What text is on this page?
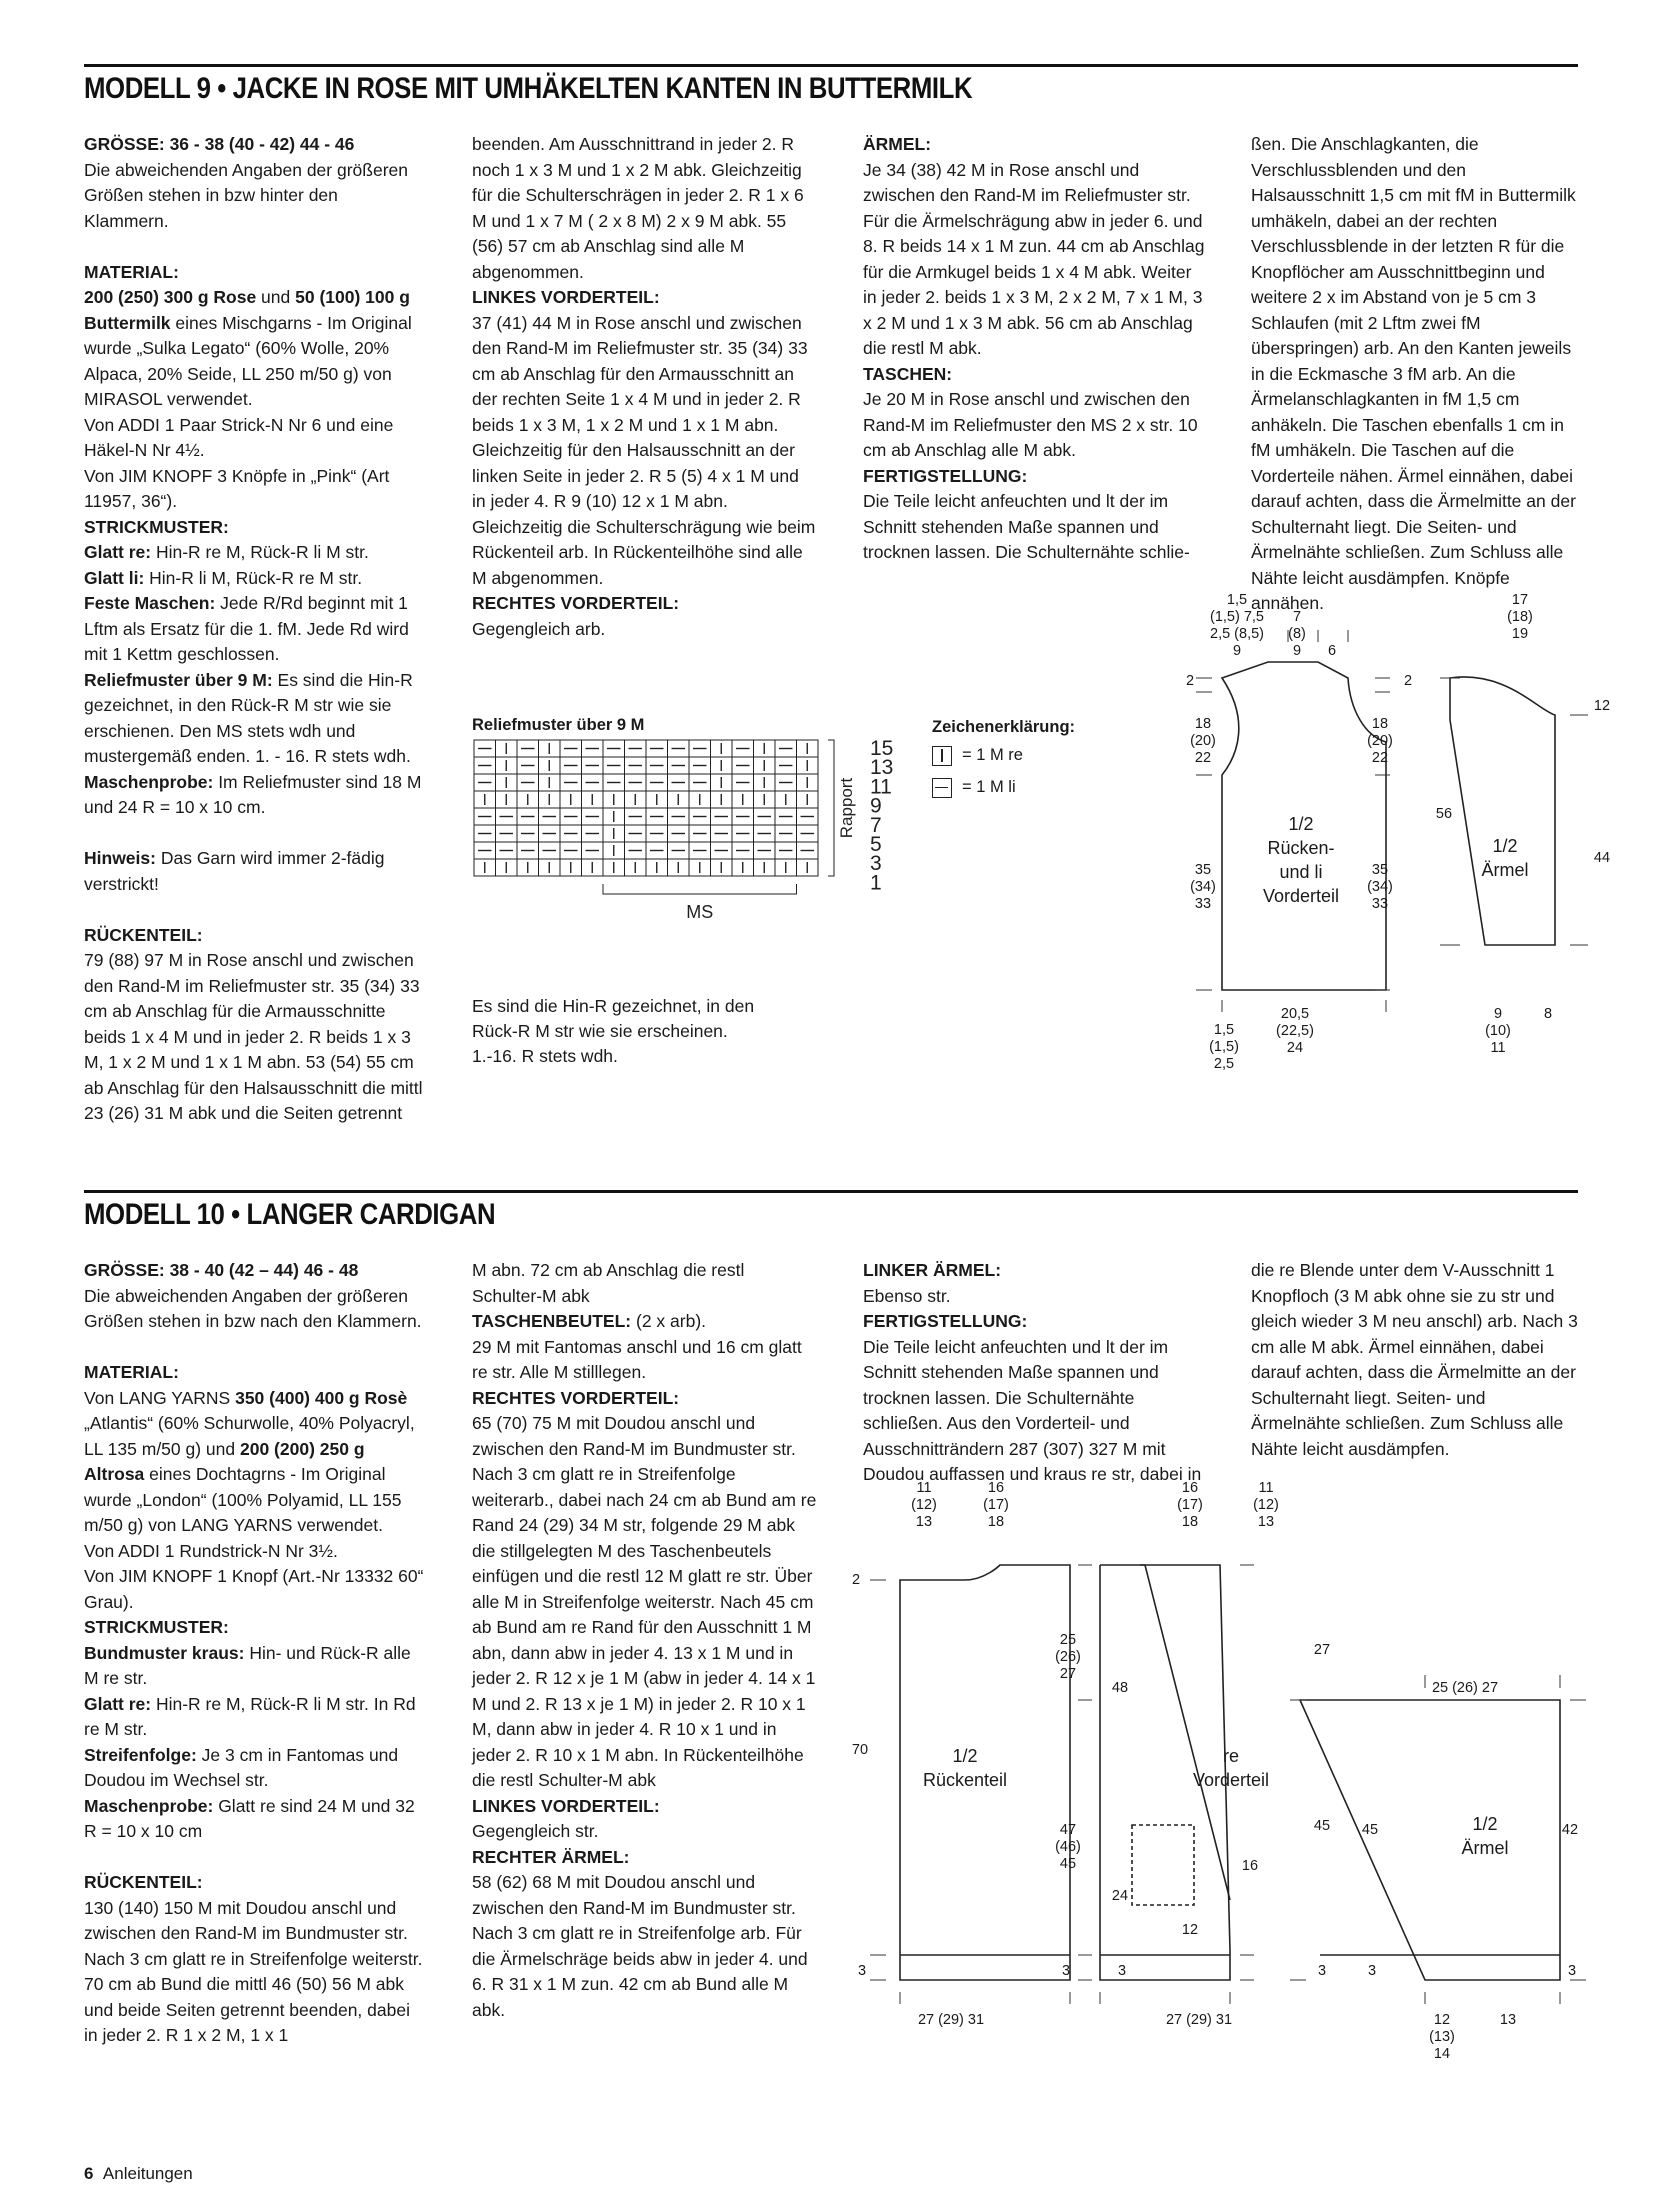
MODELL 9 • JACKE IN ROSE MIT UMHÄKELTEN KANTEN IN BUTTERMILK

GRÖSSE: 36 - 38 (40 - 42) 44 - 46

Die abweichenden Angaben der größeren Größen stehen in bzw hinter den Klammern.

MATERIAL:

200 (250) 300 g Rose und 50 (100) 100 g Buttermilk eines Mischgarns - Im Original wurde „Sulka Legato“ (60% Wolle, 20% Alpaca, 20% Seide, LL 250 m/50 g) von MIRASOL verwendet.

Von ADDI 1 Paar Strick-N Nr 6 und eine Häkel-N Nr 4½.

Von JIM KNOPF 3 Knöpfe in „Pink“ (Art 11957, 36“).

STRICKMUSTER:

Glatt re: Hin-R re M, Rück-R li M str.

Glatt li: Hin-R li M, Rück-R re M str.

Feste Maschen: Jede R/Rd beginnt mit 1 Lftm als Ersatz für die 1. fM. Jede Rd wird mit 1 Kettm geschlossen.

Reliefmuster über 9 M: Es sind die Hin-R gezeichnet, in den Rück-R M str wie sie erschienen. Den MS stets wdh und mustergemäß enden. 1. - 16. R stets wdh.

Maschenprobe: Im Reliefmuster sind 18 M und 24 R = 10 x 10 cm.

Hinweis: Das Garn wird immer 2-fädig verstrickt!

RÜCKENTEIL:

79 (88) 97 M in Rose anschl und zwischen den Rand-M im Reliefmuster str. 35 (34) 33 cm ab Anschlag für die Armausschnitte beids 1 x 4 M und in jeder 2. R beids 1 x 3 M, 1 x 2 M und 1 x 1 M abn. 53 (54) 55 cm ab Anschlag für den Halsausschnitt die mittl 23 (26) 31 M abk und die Seiten getrennt

beenden. Am Ausschnittrand in jeder 2. R noch 1 x 3 M und 1 x 2 M abk. Gleichzeitig für die Schulterschrägen in jeder 2. R 1 x 6 M und 1 x 7 M ( 2 x 8 M) 2 x 9 M abk. 55 (56) 57 cm ab Anschlag sind alle M abgenommen.

LINKES VORDERTEIL:

37 (41) 44 M in Rose anschl und zwischen den Rand-M im Reliefmuster str. 35 (34) 33 cm ab Anschlag für den Armausschnitt an der rechten Seite 1 x 4 M und in jeder 2. R beids 1 x 3 M, 1 x 2 M und 1 x 1 M abn. Gleichzeitig für den Halsausschnitt an der linken Seite in jeder 2. R 5 (5) 4 x 1 M und in jeder 4. R 9 (10) 12 x 1 M abn. Gleichzeitig die Schulterschrägung wie beim Rückenteil arb. In Rückenteilhöhe sind alle M abgenommen.

RECHTES VORDERTEIL:

Gegengleich arb.

ÄRMEL:

Je 34 (38) 42 M in Rose anschl und zwischen den Rand-M im Reliefmuster str. Für die Ärmelschrägung abw in jeder 6. und 8. R beids 14 x 1 M zun. 44 cm ab Anschlag für die Armkugel beids 1 x 4 M abk. Weiter in jeder 2. beids 1 x 3 M, 2 x 2 M, 7 x 1 M, 3 x 2 M und 1 x 3 M abk. 56 cm ab Anschlag die restl M abk.

TASCHEN:

Je 20 M in Rose anschl und zwischen den Rand-M im Reliefmuster den MS 2 x str. 10 cm ab Anschlag alle M abk.

FERTIGSTELLUNG:

Die Teile leicht anfeuchten und lt der im Schnitt stehenden Maße spannen und trocknen lassen. Die Schulternähte schlie-

ßen. Die Anschlagkanten, die Verschlussblenden und den Halsausschnitt 1,5 cm mit fM in Buttermilk umhäkeln, dabei an der rechten Verschlussblende in der letzten R für die Knopflöcher am Ausschnittbeginn und weitere 2 x im Abstand von je 5 cm 3 Schlaufen (mit 2 Lftm zwei fM überspringen) arb. An den Kanten jeweils in die Eckmasche 3 fM arb. An die Ärmelanschlagkanten in fM 1,5 cm anhäkeln. Die Taschen ebenfalls 1 cm in fM umhäkeln. Die Taschen auf die Vorderteile nähen. Ärmel einnähen, dabei darauf achten, dass die Ärmelmitte an der Schulternaht liegt. Die Seiten- und Ärmelnähte schließen. Zum Schluss alle Nähte leicht ausdämpfen. Knöpfe annähen.

Reliefmuster über 9 M
Rapport
15
13
11
9
7
5
3
1
MS
Es sind die Hin-R gezeichnet, in den Rück-R M str wie sie erscheinen. 1.-16. R stets wdh.
Zeichenerklärung:
= 1 M re
= 1 M li
1,5
(1,5) 7,5
2,5 (8,5)
9
7
(8)
9	6
2	2
18
(20)
22
18
(20)
22
35
(34)
33
35
(34)
33
1,5
(1,5)
2,5
20,5
(22,5)
24
17
(18)
19
12
56
44
9
(10)
11
8
1/2
Rücken-
und li
Vorderteil
1/2
Ärmel
MODELL 10 • LANGER CARDIGAN

GRÖSSE: 38 - 40 (42 – 44) 46 - 48

Die abweichenden Angaben der größeren Größen stehen in bzw nach den Klammern.

MATERIAL:

Von LANG YARNS 350 (400) 400 g Rosè „Atlantis“ (60% Schurwolle, 40% Polyacryl, LL 135 m/50 g) und 200 (200) 250 g Altrosa eines Dochtagrns - Im Original wurde „London“ (100% Polyamid, LL 155 m/50 g) von LANG YARNS verwendet.

Von ADDI 1 Rundstrick-N Nr 3½.

Von JIM KNOPF 1 Knopf (Art.-Nr 13332 60“ Grau).

STRICKMUSTER:

Bundmuster kraus: Hin- und Rück-R alle M re str.

Glatt re: Hin-R re M, Rück-R li M str. In Rd re M str.

Streifenfolge: Je 3 cm in Fantomas und Doudou im Wechsel str.

Maschenprobe: Glatt re sind 24 M und 32 R = 10 x 10 cm

RÜCKENTEIL:

130 (140) 150 M mit Doudou anschl und zwischen den Rand-M im Bundmuster str. Nach 3 cm glatt re in Streifenfolge weiterstr. 70 cm ab Bund die mittl 46 (50) 56 M abk und beide Seiten getrennt beenden, dabei in jeder 2. R 1 x 2 M, 1 x 1

M abn. 72 cm ab Anschlag die restl Schulter-M abk

TASCHENBEUTEL: (2 x arb).

29 M mit Fantomas anschl und 16 cm glatt re str. Alle M stilllegen.

RECHTES VORDERTEIL:

65 (70) 75 M mit Doudou anschl und zwischen den Rand-M im Bundmuster str. Nach 3 cm glatt re in Streifenfolge weiterarb., dabei nach 24 cm ab Bund am re Rand 24 (29) 34 M str, folgende 29 M abk die stillgelegten M des Taschenbeutels einfügen und die restl 12 M glatt re str. Über alle M in Streifenfolge weiterstr. Nach 45 cm ab Bund am re Rand für den Ausschnitt 1 M abn, dann abw in jeder 4. 13 x 1 M und in jeder 2. R 12 x je 1 M (abw in jeder 4. 14 x 1 M und 2. R 13 x je 1 M) in jeder 2. R 10 x 1 M, dann abw in jeder 4. R 10 x 1 und in jeder 2. R 10 x 1 M abn. In Rückenteilhöhe die restl Schulter-M abk

LINKES VORDERTEIL:

Gegengleich str.

RECHTER ÄRMEL:

58 (62) 68 M mit Doudou anschl und zwischen den Rand-M im Bundmuster str. Nach 3 cm glatt re in Streifenfolge arb. Für die Ärmelschräge beids abw in jeder 4. und 6. R 31 x 1 M zun. 42 cm ab Bund alle M abk.

LINKER ÄRMEL:

Ebenso str.

FERTIGSTELLUNG:

Die Teile leicht anfeuchten und lt der im Schnitt stehenden Maße spannen und trocknen lassen. Die Schulternähte schließen. Aus den Vorderteil- und Ausschnitträndern 287 (307) 327 M mit Doudou auffassen und kraus re str, dabei in

die re Blende unter dem V-Ausschnitt 1 Knopfloch (3 M abk ohne sie zu str und gleich wieder 3 M neu anschl) arb. Nach 3 cm alle M abk. Ärmel einnähen, dabei darauf achten, dass die Ärmelmitte an der Schulternaht liegt. Seiten- und Ärmelnähte schließen. Zum Schluss alle Nähte leicht ausdämpfen.

11
(12)
13
16
(17)
18
2
25
(26)
27
70
47
(46)
45
3	3
27 (29) 31
16
(17)
18
11
(12)
13
48
27
24
16
12
45
3	3
27 (29) 31
25 (26) 27
45	42
3	3
12
(13)
14
13
1/2
Rückenteil
re
Vorderteil
1/2
Ärmel
6 Anleitungen
